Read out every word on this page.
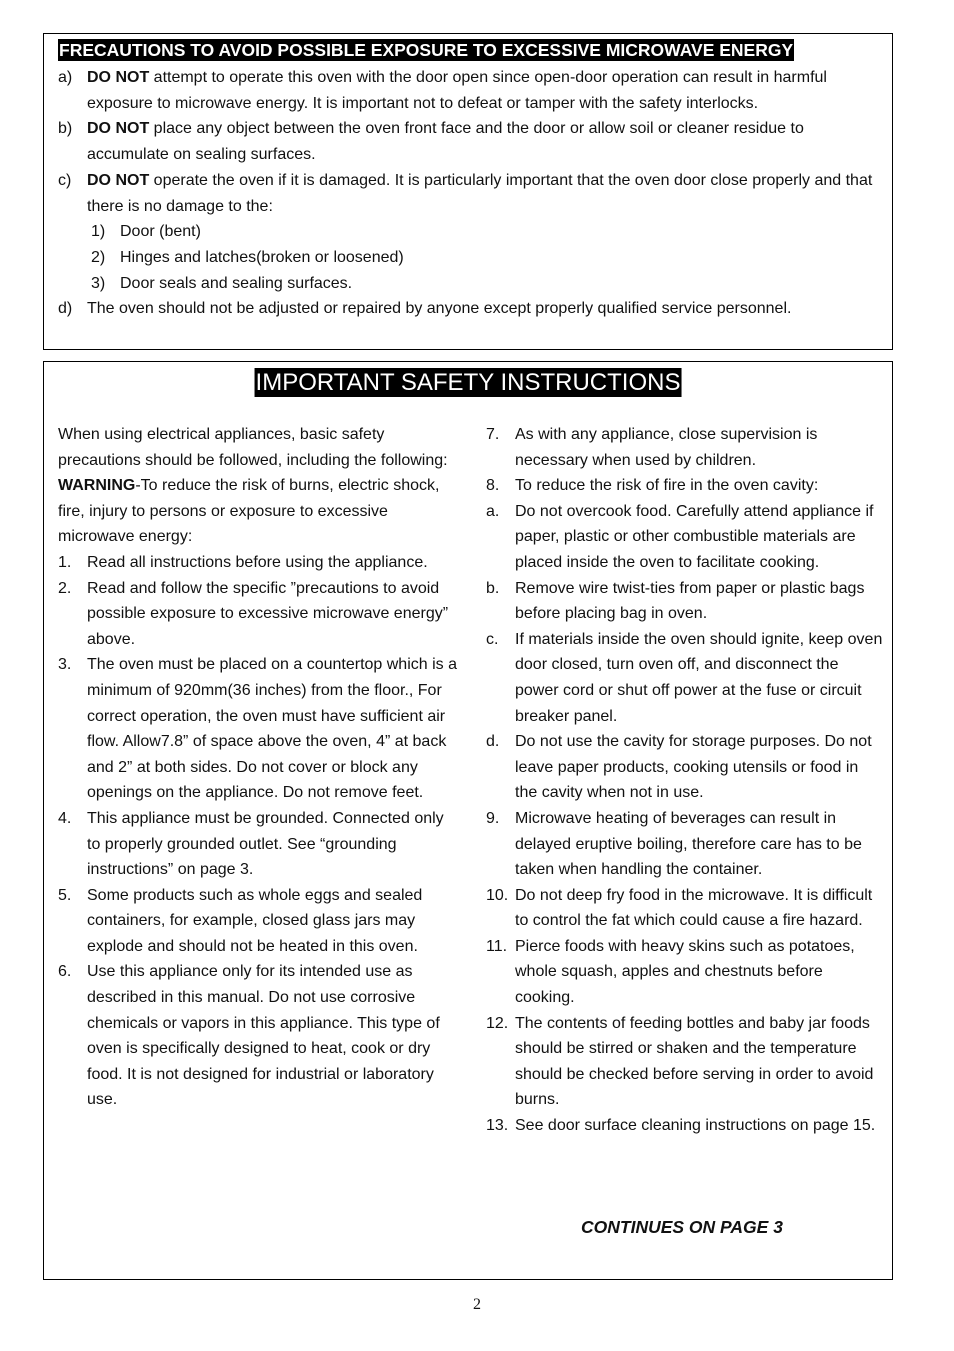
FRECAUTIONS TO AVOID POSSIBLE EXPOSURE TO EXCESSIVE MICROWAVE ENERGY
a) DO NOT attempt to operate this oven with the door open since open-door operation can result in harmful exposure to microwave energy. It is important not to defeat or tamper with the safety interlocks.
b) DO NOT place any object between the oven front face and the door or allow soil or cleaner residue to accumulate on sealing surfaces.
c) DO NOT operate the oven if it is damaged. It is particularly important that the oven door close properly and that there is no damage to the:
1) Door (bent)
2) Hinges and latches(broken or loosened)
3) Door seals and sealing surfaces.
d) The oven should not be adjusted or repaired by anyone except properly qualified service personnel.
IMPORTANT SAFETY INSTRUCTIONS

When using electrical appliances, basic safety precautions should be followed, including the following:

WARNING-To reduce the risk of burns, electric shock, fire, injury to persons or exposure to excessive microwave energy:

1. Read all instructions before using the appliance.
2. Read and follow the specific ”precautions to avoid possible exposure to excessive microwave energy” above.
3. The oven must be placed on a countertop which is a minimum of 920mm(36 inches) from the floor., For correct operation, the oven must have sufficient air flow. Allow7.8” of space above the oven, 4” at back and 2” at both sides. Do not cover or block any openings on the appliance. Do not remove feet.
4. This appliance must be grounded. Connected only to properly grounded outlet. See “grounding instructions” on page 3.
5. Some products such as whole eggs and sealed containers, for example, closed glass jars may explode and should not be heated in this oven.
6. Use this appliance only for its intended use as described in this manual. Do not use corrosive chemicals or vapors in this appliance. This type of oven is specifically designed to heat, cook or dry food. It is not designed for industrial or laboratory use.
7. As with any appliance, close supervision is necessary when used by children.
8. To reduce the risk of fire in the oven cavity:
a. Do not overcook food. Carefully attend appliance if paper, plastic or other combustible materials are placed inside the oven to facilitate cooking.
b. Remove wire twist-ties from paper or plastic bags before placing bag in oven.
c.	If materials inside the oven should ignite, keep oven door closed, turn oven off, and disconnect the power cord or shut off power at the fuse or circuit breaker panel.
d. Do not use the cavity for storage purposes. Do not leave paper products, cooking utensils or food in the cavity when not in use.
9. Microwave heating of beverages can result in delayed eruptive boiling, therefore care has to be taken when handling the container.
10. Do not deep fry food in the microwave. It is difficult to control the fat which could cause a fire hazard.
11. Pierce foods with heavy skins such as potatoes, whole squash, apples and chestnuts before cooking.
12. The contents of feeding bottles and baby jar foods should be stirred or shaken and the temperature should be checked before serving in order to avoid burns.
13. See door surface cleaning instructions on page 15.
CONTINUES ON PAGE 3
2
